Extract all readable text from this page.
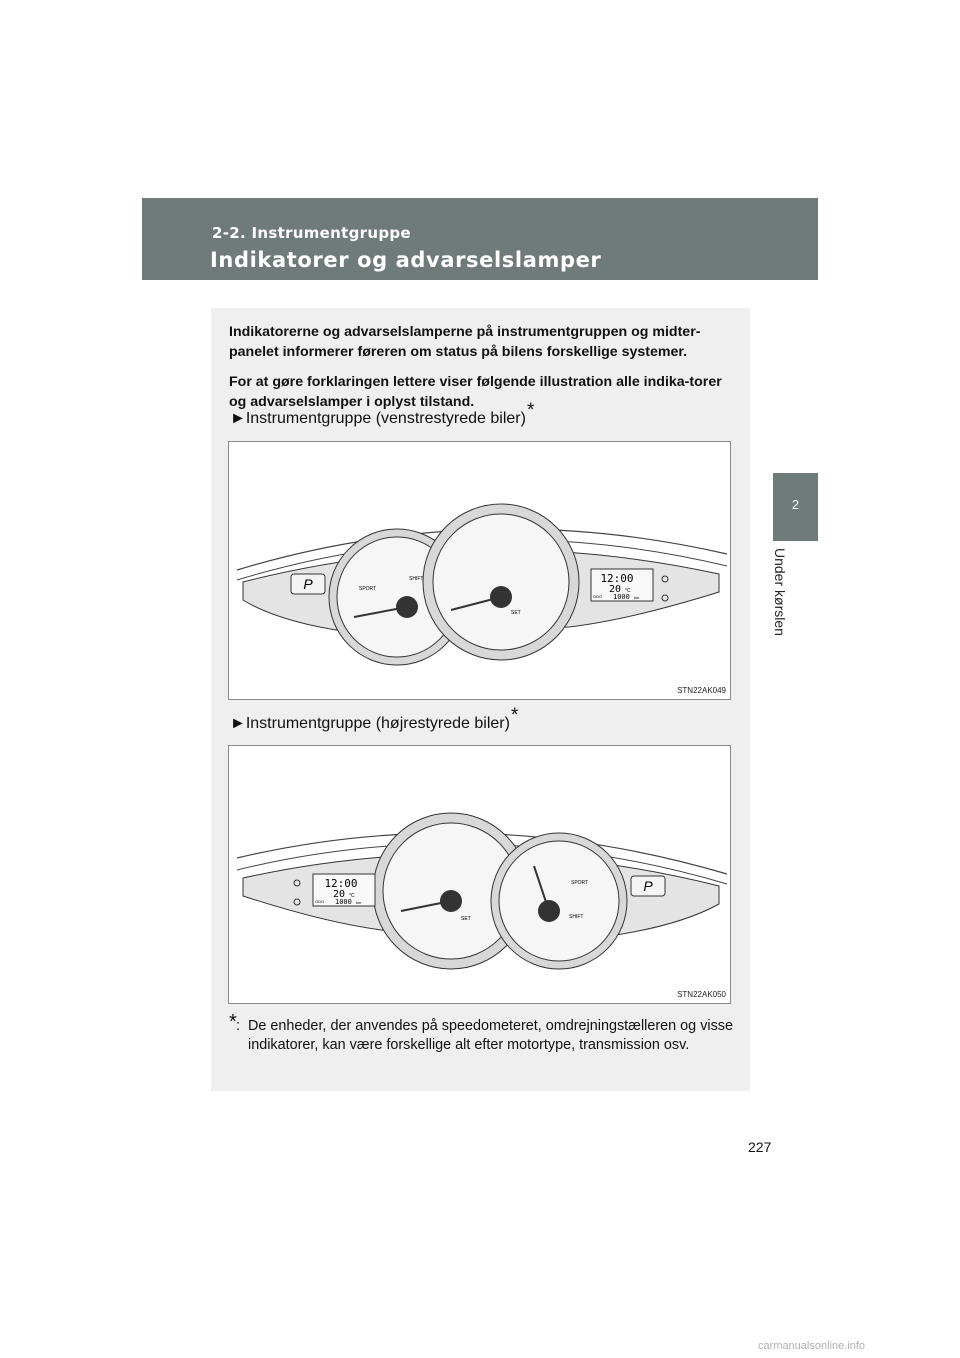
2-2. Instrumentgruppe
Indikatorer og advarselslamper
2
Under kørslen

Indikatorerne og advarselslamperne på instrumentgruppen og midter-panelet informerer føreren om status på bilens forskellige systemer.

For at gøre forklaringen lettere viser følgende illustration alle indika-torer og advarselslamper i oplyst tilstand.

►Instrumentgruppe (venstrestyrede biler)*
P	SHIFT
SPORT
SET
12:00
20 °C
ODO 1000 km
STN22AK049
►Instrumentgruppe (højrestyrede biler)*
P
SET
SPORT
SHIFT
12:00
20 °C
ODO 1000 km
STN22AK050
* : De enheder, der anvendes på speedometeret, omdrejningstælleren og visse indikatorer, kan være forskellige alt efter motortype, transmission osv.
227
carmanualsonline.info
